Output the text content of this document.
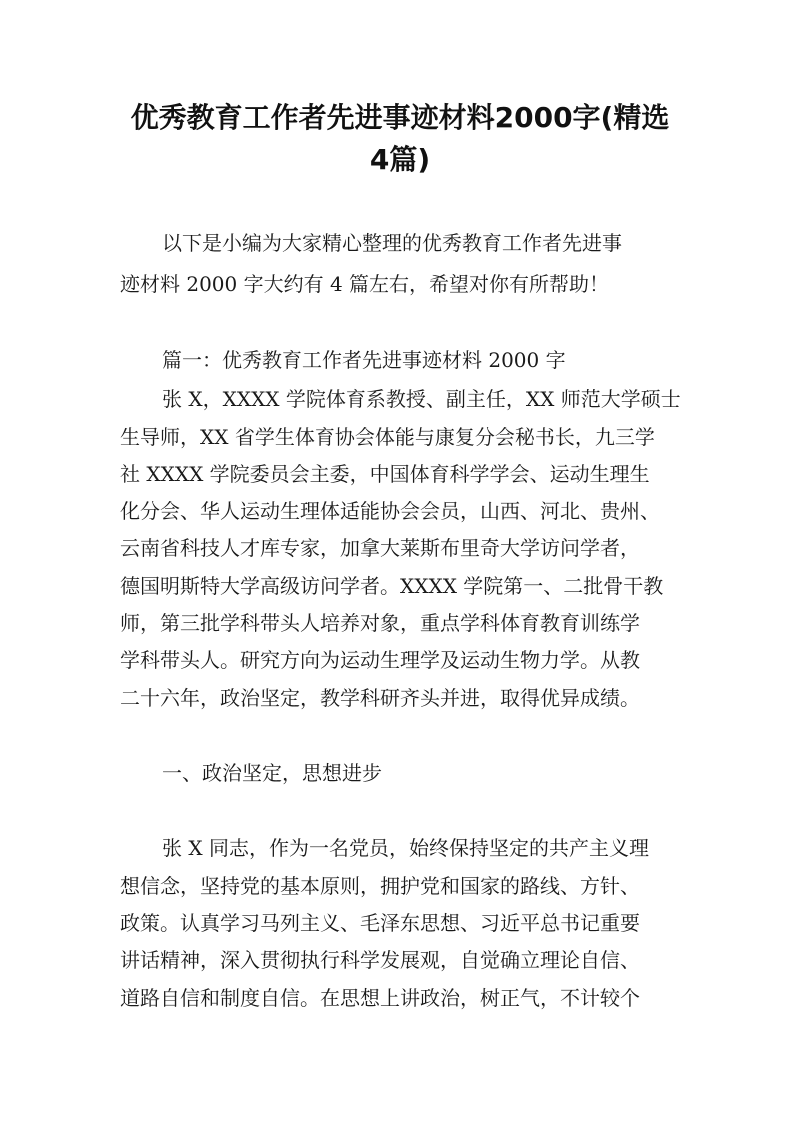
优秀教育工作者先进事迹材料2000字(精选
4篇)
以下是小编为大家精心整理的优秀教育工作者先进事
迹材料 2000 字大约有 4 篇左右，希望对你有所帮助！
篇一：优秀教育工作者先进事迹材料 2000 字
张 X，XXXX 学院体育系教授、副主任，XX 师范大学硕士
生导师，XX 省学生体育协会体能与康复分会秘书长，九三学
社 XXXX 学院委员会主委，中国体育科学学会、运动生理生
化分会、华人运动生理体适能协会会员，山西、河北、贵州、
云南省科技人才库专家，加拿大莱斯布里奇大学访问学者，
德国明斯特大学高级访问学者。XXXX 学院第一、二批骨干教
师，第三批学科带头人培养对象，重点学科体育教育训练学
学科带头人。研究方向为运动生理学及运动生物力学。从教
二十六年，政治坚定，教学科研齐头并进，取得优异成绩。
一、政治坚定，思想进步
张 X 同志，作为一名党员，始终保持坚定的共产主义理
想信念，坚持党的基本原则，拥护党和国家的路线、方针、
政策。认真学习马列主义、毛泽东思想、习近平总书记重要
讲话精神，深入贯彻执行科学发展观，自觉确立理论自信、
道路自信和制度自信。在思想上讲政治，树正气，不计较个
